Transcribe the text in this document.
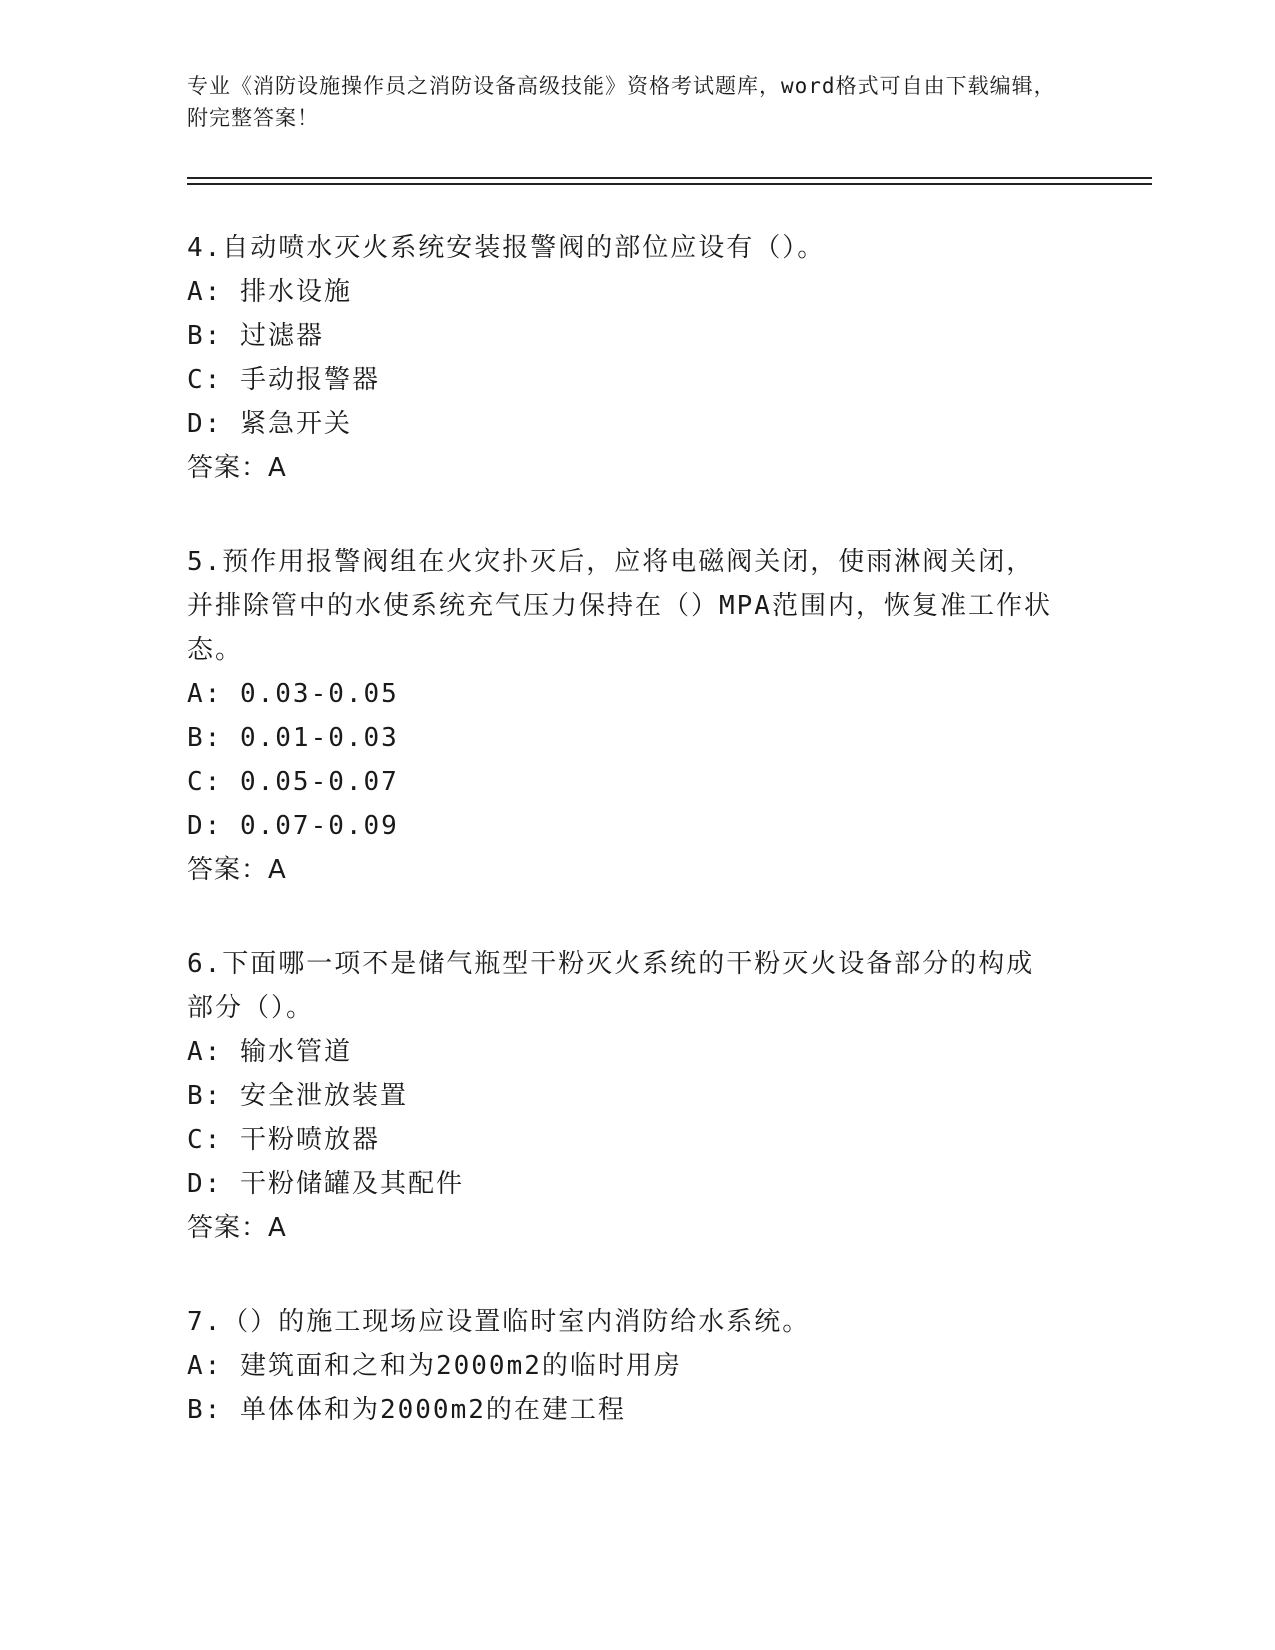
专业《消防设施操作员之消防设备高级技能》资格考试题库，word格式可自由下载编辑，附完整答案！
4.自动喷水灭火系统安装报警阀的部位应设有（）。
A: 排水设施
B: 过滤器
C: 手动报警器
D: 紧急开关
答案：A
5.预作用报警阀组在火灾扑灭后，应将电磁阀关闭，使雨淋阀关闭，
并排除管中的水使系统充气压力保持在（）MPA范围内，恢复准工作状
态。
A: 0.03-0.05
B: 0.01-0.03
C: 0.05-0.07
D: 0.07-0.09
答案：A
6.下面哪一项不是储气瓶型干粉灭火系统的干粉灭火设备部分的构成
部分（）。
A: 输水管道
B: 安全泄放装置
C: 干粉喷放器
D: 干粉储罐及其配件
答案：A
7.（）的施工现场应设置临时室内消防给水系统。
A: 建筑面和之和为2000m2的临时用房
B: 单体体和为2000m2的在建工程
